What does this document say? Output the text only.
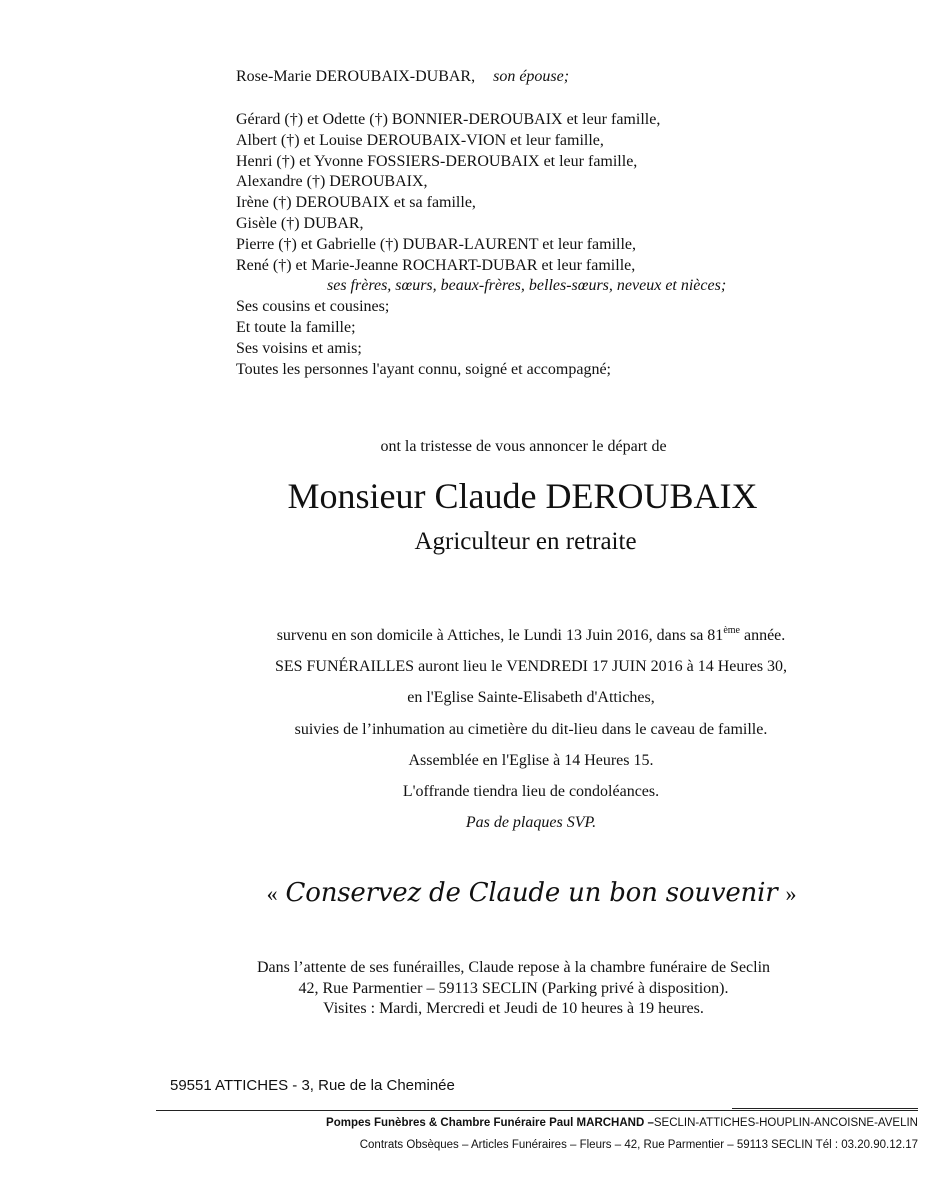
Rose-Marie DEROUBAIX-DUBAR, son épouse;
Gérard (†) et Odette (†) BONNIER-DEROUBAIX et leur famille,
Albert (†) et Louise DEROUBAIX-VION et leur famille,
Henri (†) et Yvonne FOSSIERS-DEROUBAIX et leur famille,
Alexandre (†) DEROUBAIX,
Irène (†) DEROUBAIX et sa famille,
Gisèle (†) DUBAR,
Pierre (†) et Gabrielle (†) DUBAR-LAURENT et leur famille,
René (†) et Marie-Jeanne ROCHART-DUBAR et leur famille,
ses frères, sœurs, beaux-frères, belles-sœurs, neveux et nièces;
Ses cousins et cousines;
Et toute la famille;
Ses voisins et amis;
Toutes les personnes l'ayant connu, soigné et accompagné;
ont la tristesse de vous annoncer le départ de
Monsieur Claude DEROUBAIX
Agriculteur en retraite
survenu en son domicile à Attiches, le Lundi 13 Juin 2016, dans sa 81ème année.
SES FUNÉRAILLES auront lieu le VENDREDI 17 JUIN 2016 à 14 Heures 30,
en l'Eglise Sainte-Elisabeth d'Attiches,
suivies de l’inhumation au cimetière du dit-lieu dans le caveau de famille.
Assemblée en l'Eglise à 14 Heures 15.
L'offrande tiendra lieu de condoléances.
Pas de plaques SVP.
« Conservez de Claude un bon souvenir »
Dans l’attente de ses funérailles, Claude repose à la chambre funéraire de Seclin
42, Rue Parmentier – 59113 SECLIN (Parking privé à disposition).
Visites : Mardi, Mercredi et Jeudi de 10 heures à 19 heures.
59551 ATTICHES - 3, Rue de la Cheminée
Pompes Funèbres & Chambre Funéraire Paul MARCHAND –SECLIN-ATTICHES-HOUPLIN-ANCOISNE-AVELIN
Contrats Obsèques – Articles Funéraires – Fleurs – 42, Rue Parmentier – 59113 SECLIN Tél : 03.20.90.12.17
